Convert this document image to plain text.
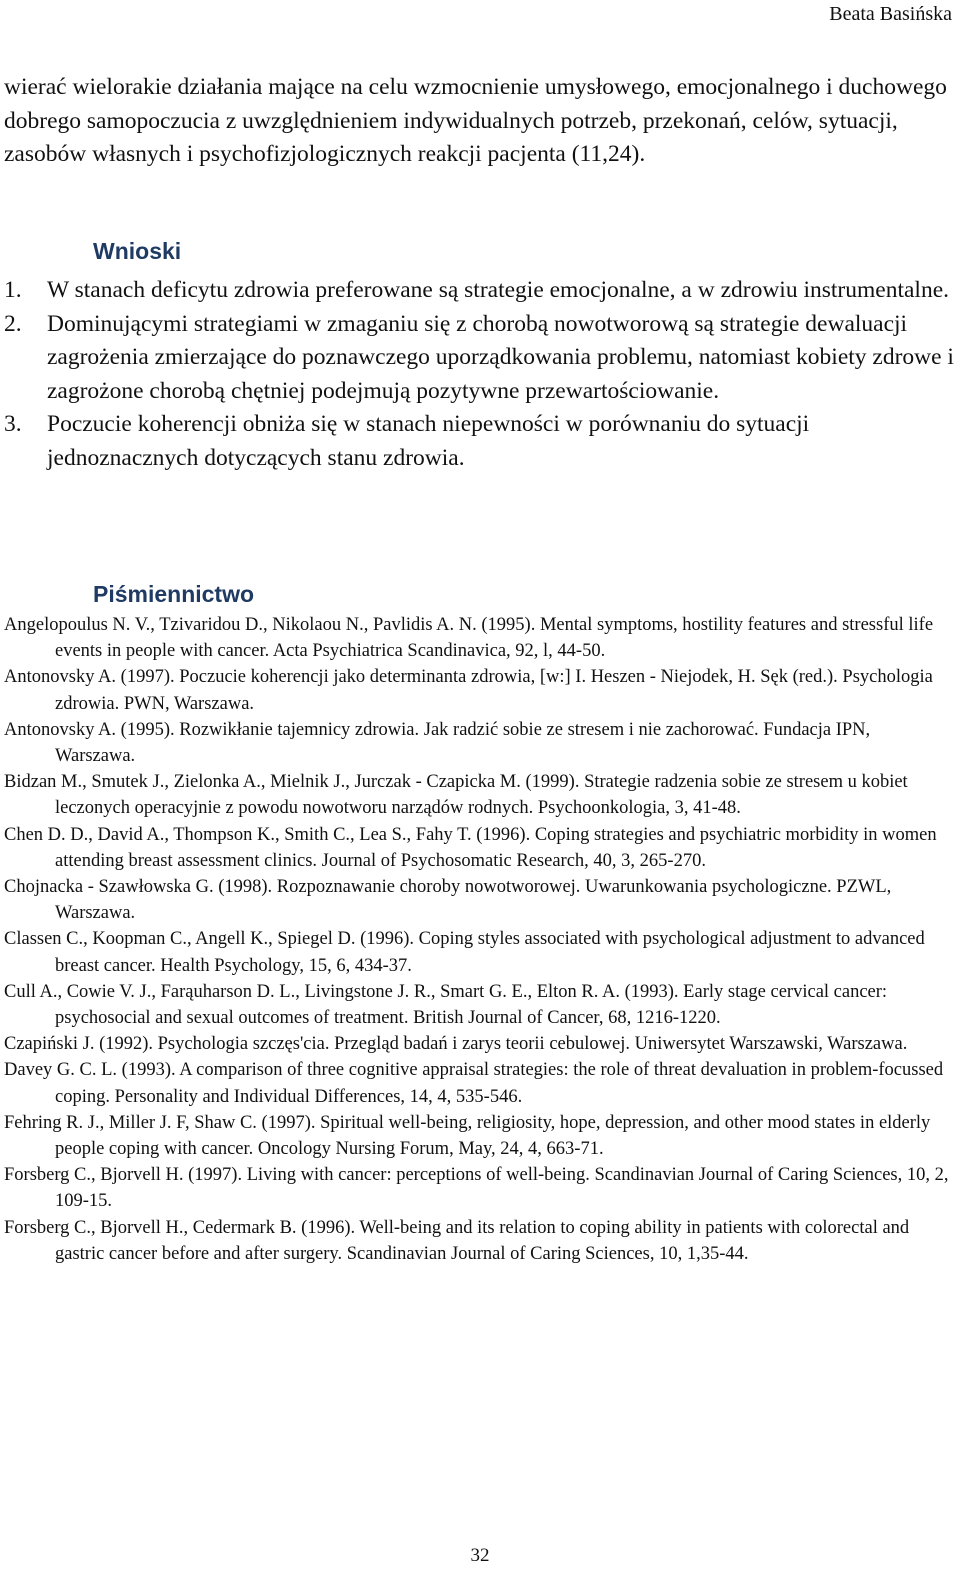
Beata Basińska

wierać wielorakie działania mające na celu wzmocnienie umysłowego, emocjonalnego i duchowego dobrego samopoczucia z uwzględnieniem indywidualnych potrzeb, przekonań, celów, sytuacji, zasobów własnych i psychofizjologicznych reakcji pacjenta (11,24).

Wnioski
1. W stanach deficytu zdrowia preferowane są strategie emocjonalne, a w zdrowiu instrumentalne.
2. Dominującymi strategiami w zmaganiu się z chorobą nowotworową są strategie dewaluacji zagrożenia zmierzające do poznawczego uporządkowania problemu, natomiast kobiety zdrowe i zagrożone chorobą chętniej podejmują pozytywne przewartościowanie.
3. Poczucie koherencji obniża się w stanach niepewności w porównaniu do sytuacji jednoznacznych dotyczących stanu zdrowia.
Piśmiennictwo
Angelopoulus N. V., Tzivaridou D., Nikolaou N., Pavlidis A. N. (1995). Mental symptoms, hostility features and stressful life events in people with cancer. Acta Psychiatrica Scandinavica, 92, l, 44-50.
Antonovsky A. (1997). Poczucie koherencji jako determinanta zdrowia, [w:] I. Heszen - Niejodek, H. Sęk (red.). Psychologia zdrowia. PWN, Warszawa.
Antonovsky A. (1995). Rozwikłanie tajemnicy zdrowia. Jak radzić sobie ze stresem i nie zachorować. Fundacja IPN, Warszawa.
Bidzan M., Smutek J., Zielonka A., Mielnik J., Jurczak - Czapicka M. (1999). Strategie radzenia sobie ze stresem u kobiet leczonych operacyjnie z powodu nowotworu narządów rodnych. Psychoonkologia, 3, 41-48.
Chen D. D., David A., Thompson K., Smith C., Lea S., Fahy T. (1996). Coping strategies and psychiatric morbidity in women attending breast assessment clinics. Journal of Psychosomatic Research, 40, 3, 265-270.
Chojnacka - Szawłowska G. (1998). Rozpoznawanie choroby nowotworowej. Uwarunkowania psychologiczne. PZWL, Warszawa.
Classen C., Koopman C., Angell K., Spiegel D. (1996). Coping styles associated with psychological adjustment to advanced breast cancer. Health Psychology, 15, 6, 434-37.
Cull A., Cowie V. J., Farąuharson D. L., Livingstone J. R., Smart G. E., Elton R. A. (1993). Early stage cervical cancer: psychosocial and sexual outcomes of treatment. British Journal of Cancer, 68, 1216-1220.
Czapiński J. (1992). Psychologia szczęs'cia. Przegląd badań i zarys teorii cebulowej. Uniwersytet Warszawski, Warszawa.
Davey G. C. L. (1993). A comparison of three cognitive appraisal strategies: the role of threat devaluation in problem-focussed coping. Personality and Individual Differences, 14, 4, 535-546.
Fehring R. J., Miller J. F, Shaw C. (1997). Spiritual well-being, religiosity, hope, depression, and other mood states in elderly people coping with cancer. Oncology Nursing Forum, May, 24, 4, 663-71.
Forsberg C., Bjorvell H. (1997). Living with cancer: perceptions of well-being. Scandinavian Journal of Caring Sciences, 10, 2, 109-15.
Forsberg C., Bjorvell H., Cedermark B. (1996). Well-being and its relation to coping ability in patients with colorectal and gastric cancer before and after surgery. Scandinavian Journal of Caring Sciences, 10, 1,35-44.
32
